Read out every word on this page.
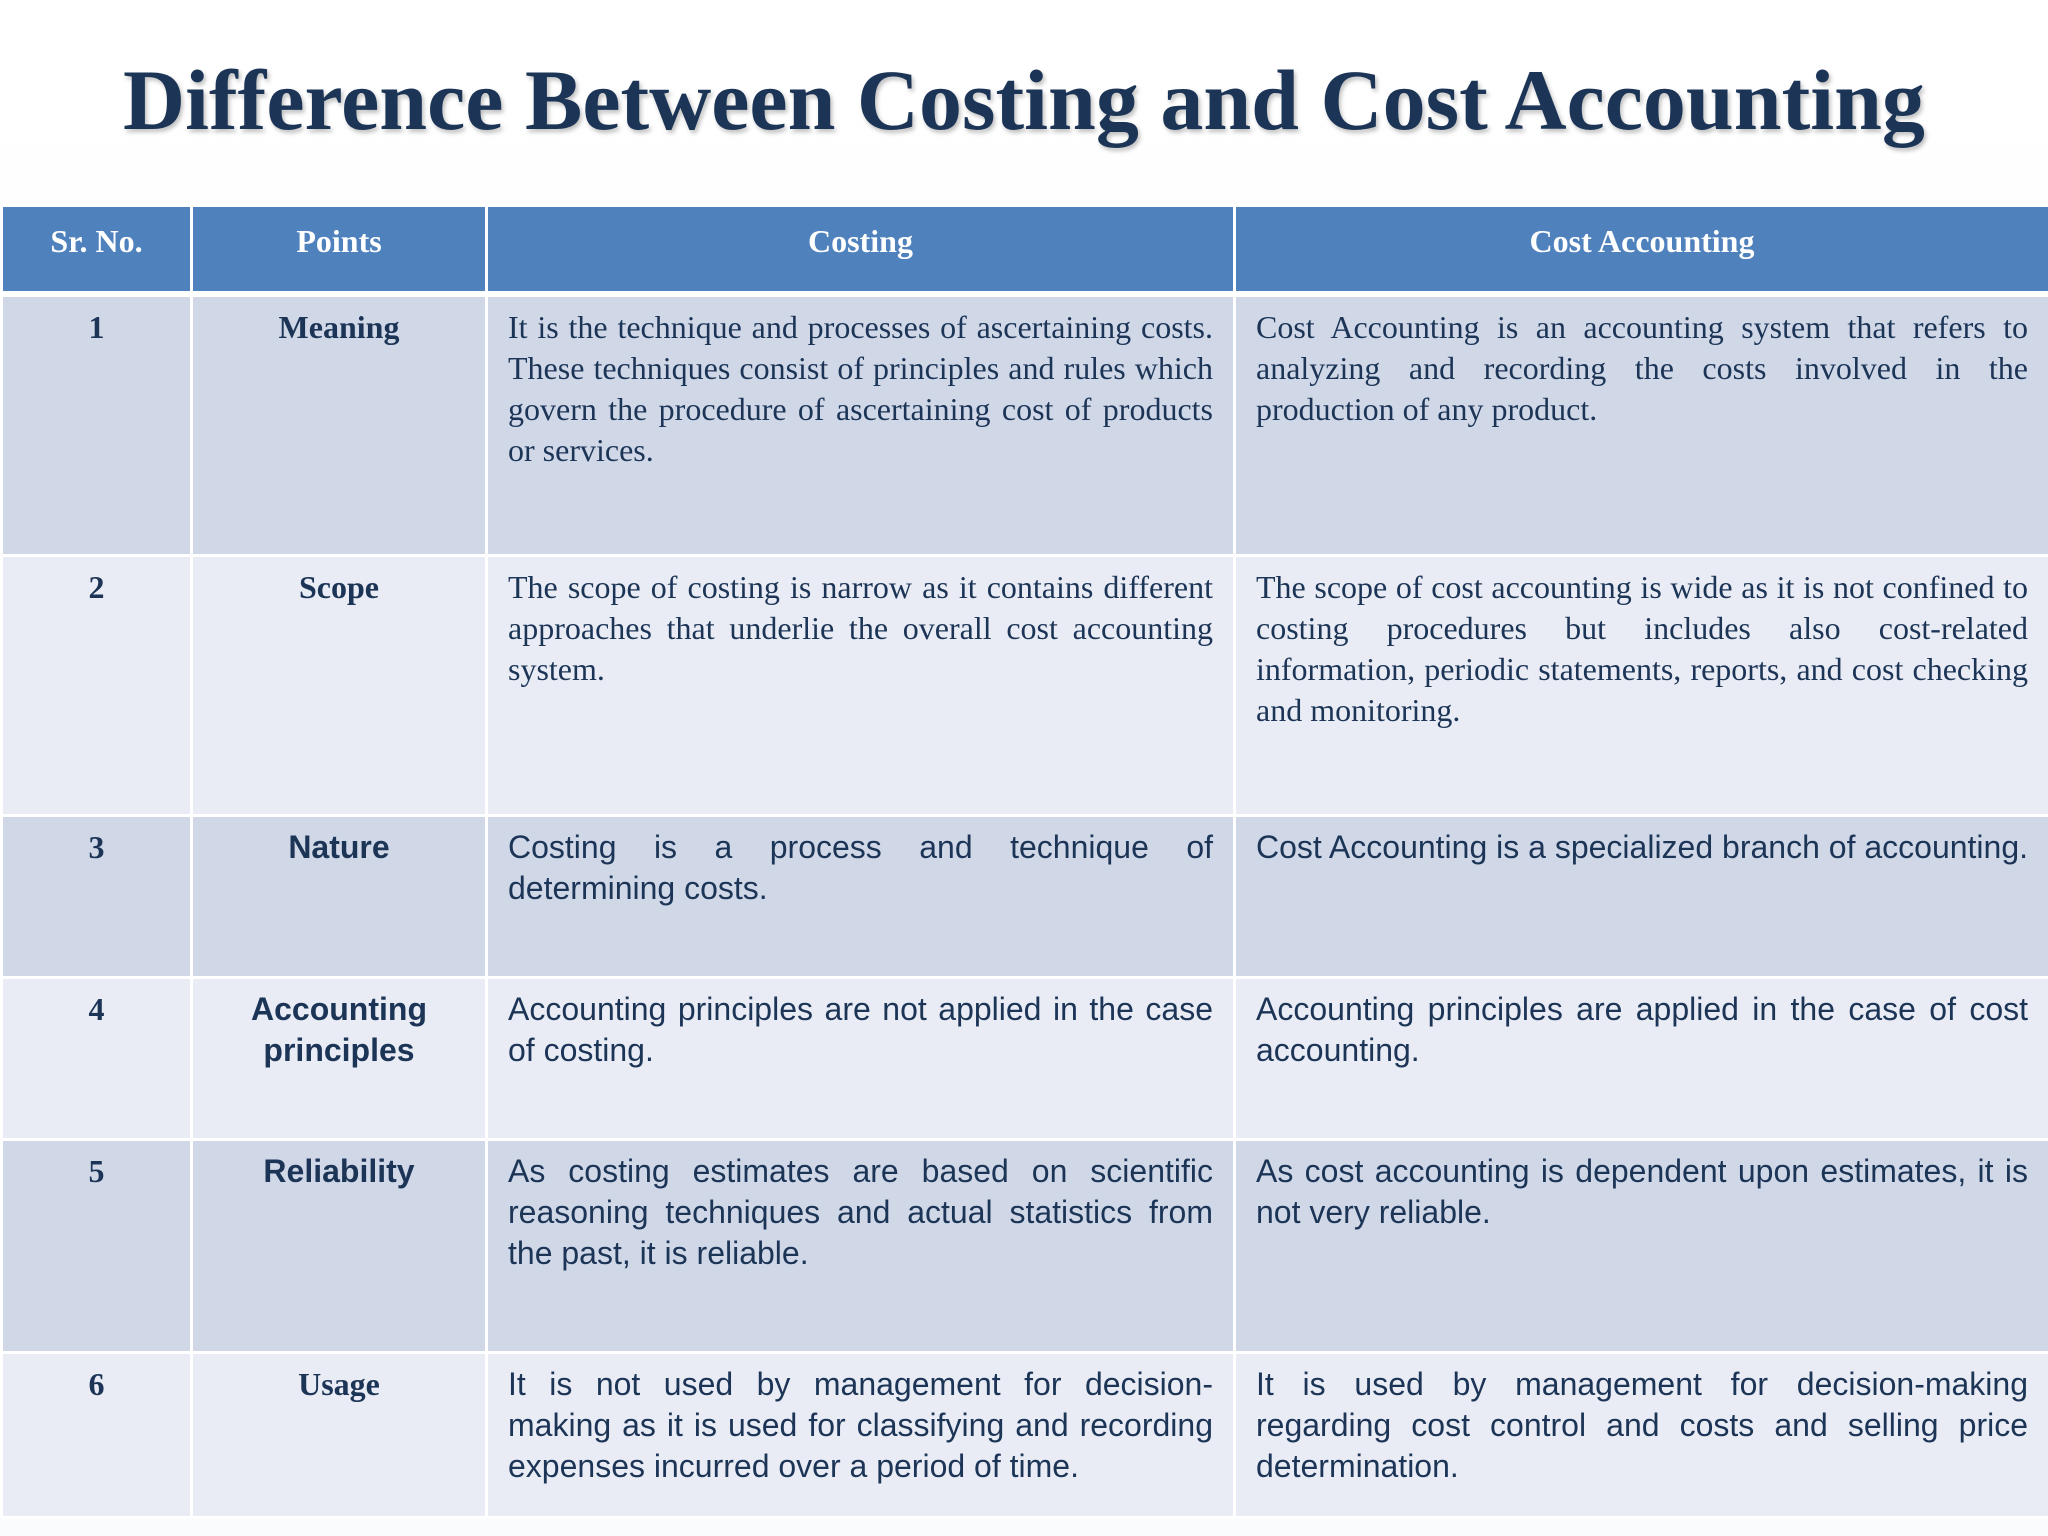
Difference Between Costing and Cost Accounting
Sr. No.	Points	Costing	Cost Accounting
1	Meaning	It is the technique and processes of ascertaining costs. These techniques consist of principles and rules which govern the procedure of ascertaining cost of products or services.	Cost Accounting is an accounting system that refers to analyzing and recording the costs involved in the production of any product.
2	Scope	The scope of costing is narrow as it contains different approaches that underlie the overall cost accounting system.	The scope of cost accounting is wide as it is not confined to costing procedures but includes also cost-related information, periodic statements, reports, and cost checking and monitoring.
3	Nature	Costing is a process and technique of determining costs.	Cost Accounting is a specialized branch of accounting.
4	Accounting principles	Accounting principles are not applied in the case of costing.	Accounting principles are applied in the case of cost accounting.
5	Reliability	As costing estimates are based on scientific reasoning techniques and actual statistics from the past, it is reliable.	As cost accounting is dependent upon estimates, it is not very reliable.
6	Usage	It is not used by management for decision-making as it is used for classifying and recording expenses incurred over a period of time.	It is used by management for decision-making regarding cost control and costs and selling price determination.
